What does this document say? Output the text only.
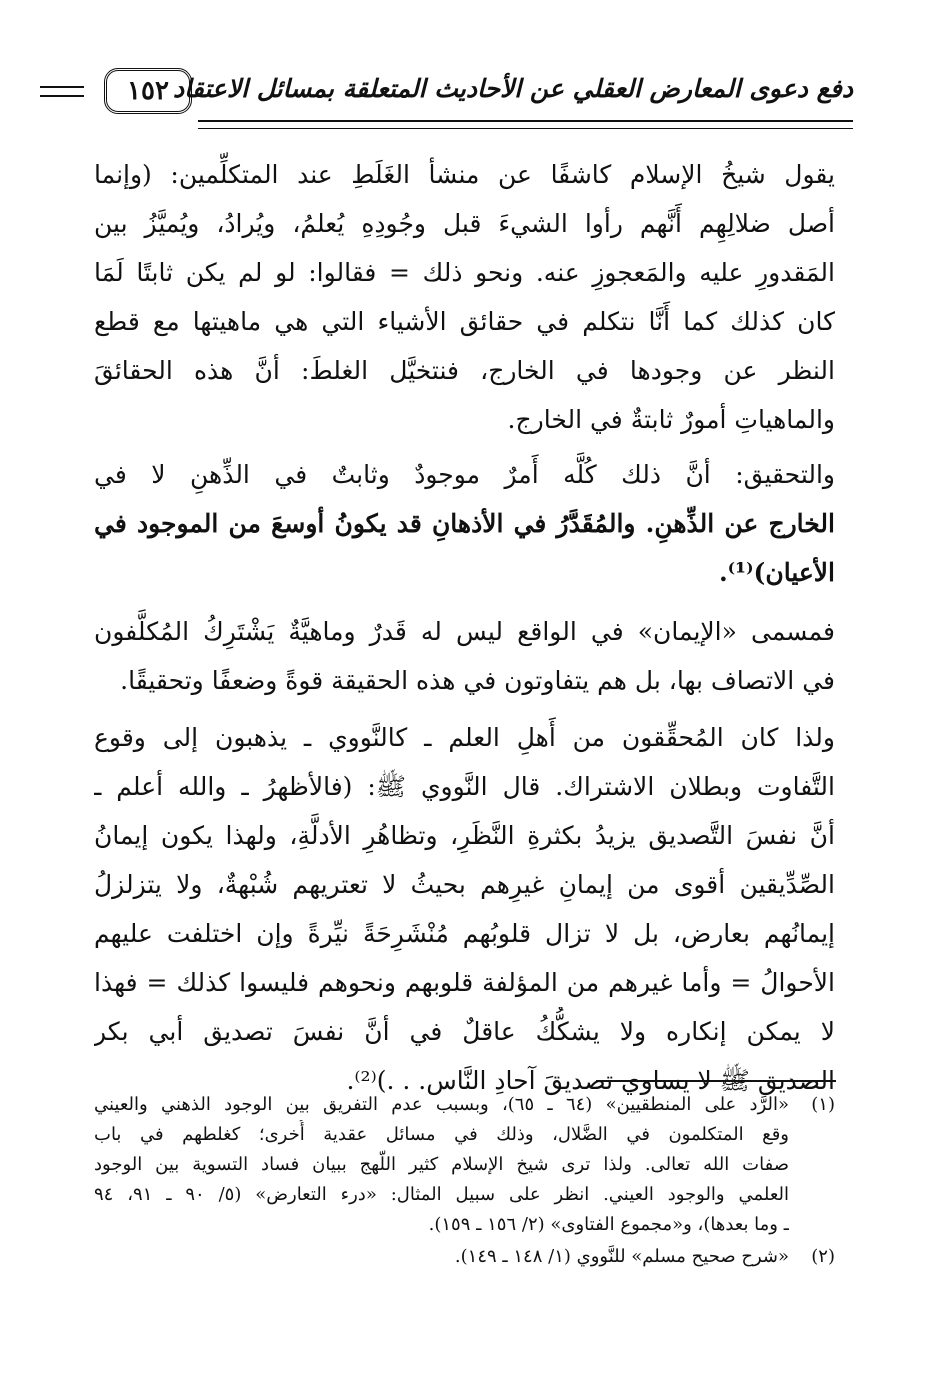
دفع دعوى المعارض العقلي عن الأحاديث المتعلقة بمسائل الاعتقاد
١٥٢

يقول شيخُ الإسلام كاشفًا عن منشأ الغَلَطِ عند المتكلِّمين: (وإنما
أصل ضلالِهِم أَنَّهم رأوا الشيءَ قبل وجُودِهِ يُعلمُ، ويُرادُ، ويُميَّزُ بين
المَقدورِ عليه والمَعجوزِ عنه. ونحو ذلك = فقالوا: لو لم يكن ثابتًا لَمَا
كان كذلك كما أَنَّا نتكلم في حقائق الأشياء التي هي ماهيتها مع قطع
النظر عن وجودها في الخارج، فنتخيَّل الغلطَ: أنَّ هذه الحقائقَ
والماهياتِ أمورٌ ثابتةٌ في الخارج.

والتحقيق: أنَّ ذلك كُلَّه أَمرٌ موجودٌ وثابتٌ في الذِّهنِ لا في
الخارج عن الذِّهنِ. والمُقَدَّرُ في الأذهانِ قد يكونُ أوسعَ من الموجود في
الأعيان)⁽¹⁾.

فمسمى «الإيمان» في الواقع ليس له قَدرٌ وماهيَّةٌ يَشْتَرِكُ المُكلَّفون
في الاتصاف بها، بل هم يتفاوتون في هذه الحقيقة قوةً وضعفًا وتحقيقًا.

ولذا كان المُحقِّقون من أَهلِ العلم ـ كالنَّووي ـ يذهبون إلى وقوع
التَّفاوت وبطلان الاشتراك. قال النَّووي ﷺ: (فالأظهرُ ـ والله أعلم ـ
أنَّ نفسَ التَّصديق يزيدُ بكثرةِ النَّظَرِ، وتظاهُرِ الأدلَّةِ، ولهذا يكون إيمانُ
الصِّدِّيقين أقوى من إيمانِ غيرِهم بحيثُ لا تعتريهم شُبْهةٌ، ولا يتزلزلُ
إيمانُهم بعارض، بل لا تزال قلوبُهم مُنْشَرِحَةً نيِّرةً وإن اختلفت عليهم
الأحوالُ = وأما غيرهم من المؤلفة قلوبهم ونحوهم فليسوا كذلك = فهذا
لا يمكن إنكاره ولا يشكُّكُ عاقلٌ في أنَّ نفسَ تصديق أبي بكر
الصديق ﷺ لا يساوي تصديقَ آحادِ النَّاس. . .)⁽²⁾.

(١)
«الرَّد على المنطقيين» (٦٤ ـ ٦٥)، وبسبب عدم التفريق بين الوجود الذهني والعيني
وقع المتكلمون في الضَّلال، وذلك في مسائل عقدية أُخرى؛ كغلطهم في باب
صفات الله تعالى. ولذا ترى شيخ الإسلام كثير اللَّهج ببيان فساد التسوية بين الوجود
العلمي والوجود العيني. انظر على سبيل المثال: «درء التعارض» (٥/ ٩٠ ـ ٩١، ٩٤
ـ وما بعدها)، و«مجموع الفتاوى» (٢/ ١٥٦ ـ ١٥٩).
(٢)
«شرح صحيح مسلم» للنَّووي (١/ ١٤٨ ـ ١٤٩).
